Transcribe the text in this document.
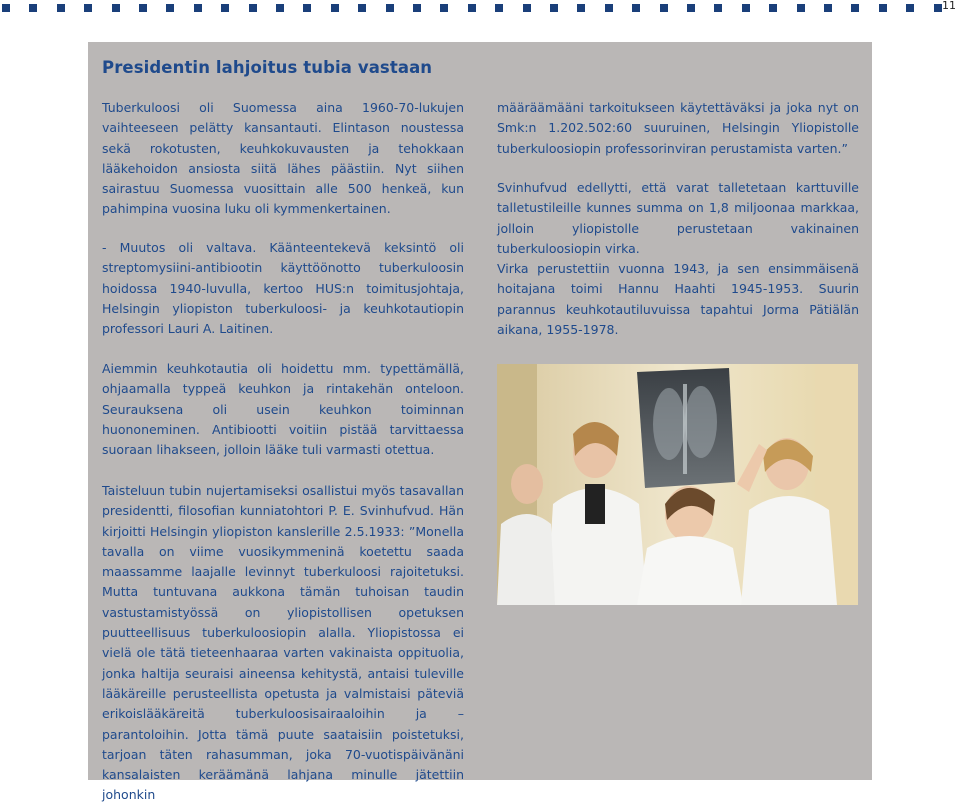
11
Presidentin lahjoitus tubia vastaan

Tuberkuloosi oli Suomessa aina 1960-70-lukujen vaihteeseen pelätty kansantauti. Elintason noustessa sekä rokotusten, keuhkokuvausten ja tehokkaan lääkehoidon ansiosta siitä lähes päästiin. Nyt siihen sairastuu Suomessa vuosittain alle 500 henkeä, kun pahimpina vuosina luku oli kymmenkertainen.

- Muutos oli valtava. Käänteentekevä keksintö oli streptomysiini-antibiootin käyttöönotto tuberkuloosin hoidossa 1940-luvulla, kertoo HUS:n toimitusjohtaja, Helsingin yliopiston tuberkuloosi- ja keuhkotautiopin professori Lauri A. Laitinen.

Aiemmin keuhkotautia oli hoidettu mm. typettämällä, ohjaamalla typpeä keuhkon ja rintakehän onteloon. Seurauksena oli usein keuhkon toiminnan huononeminen. Antibiootti voitiin pistää tarvittaessa suoraan lihakseen, jolloin lääke tuli varmasti otettua.

Taisteluun tubin nujertamiseksi osallistui myös tasavallan presidentti, filosofian kunniatohtori P. E. Svinhufvud. Hän kirjoitti Helsingin yliopiston kanslerille 2.5.1933: ”Monella tavalla on viime vuosikymmeninä koetettu saada maassamme laajalle levinnyt tuberkuloosi rajoitetuksi. Mutta tuntuvana aukkona tämän tuhoisan taudin vastustamistyössä on yliopistollisen opetuksen puutteellisuus tuberkuloosiopin alalla. Yliopistossa ei vielä ole tätä tieteenhaaraa varten vakinaista oppituolia, jonka haltija seuraisi aineensa kehitystä, antaisi tuleville lääkäreille perusteellista opetusta ja valmistaisi päteviä erikoislääkäreitä tuberkuloosisairaaloihin ja –parantoloihin. Jotta tämä puute saataisiin poistetuksi, tarjoan täten rahasumman, joka 70-vuotispäivänäni kansalaisten keräämänä lahjana minulle jätettiin johonkin

määräämääni tarkoitukseen käytettäväksi ja joka nyt on Smk:n 1.202.502:60 suuruinen, Helsingin Yliopistolle tuberkuloosiopin professorinviran perustamista varten.”

Svinhufvud edellytti, että varat talletetaan karttuville talletustileille kunnes summa on 1,8 miljoonaa markkaa, jolloin yliopistolle perustetaan vakinainen tuberkuloosiopin virka.

Virka perustettiin vuonna 1943, ja sen ensimmäisenä hoitajana toimi Hannu Haahti 1945-1953. Suurin parannus keuhkotautiluvuissa tapahtui Jorma Pätiälän aikana, 1955-1978.
